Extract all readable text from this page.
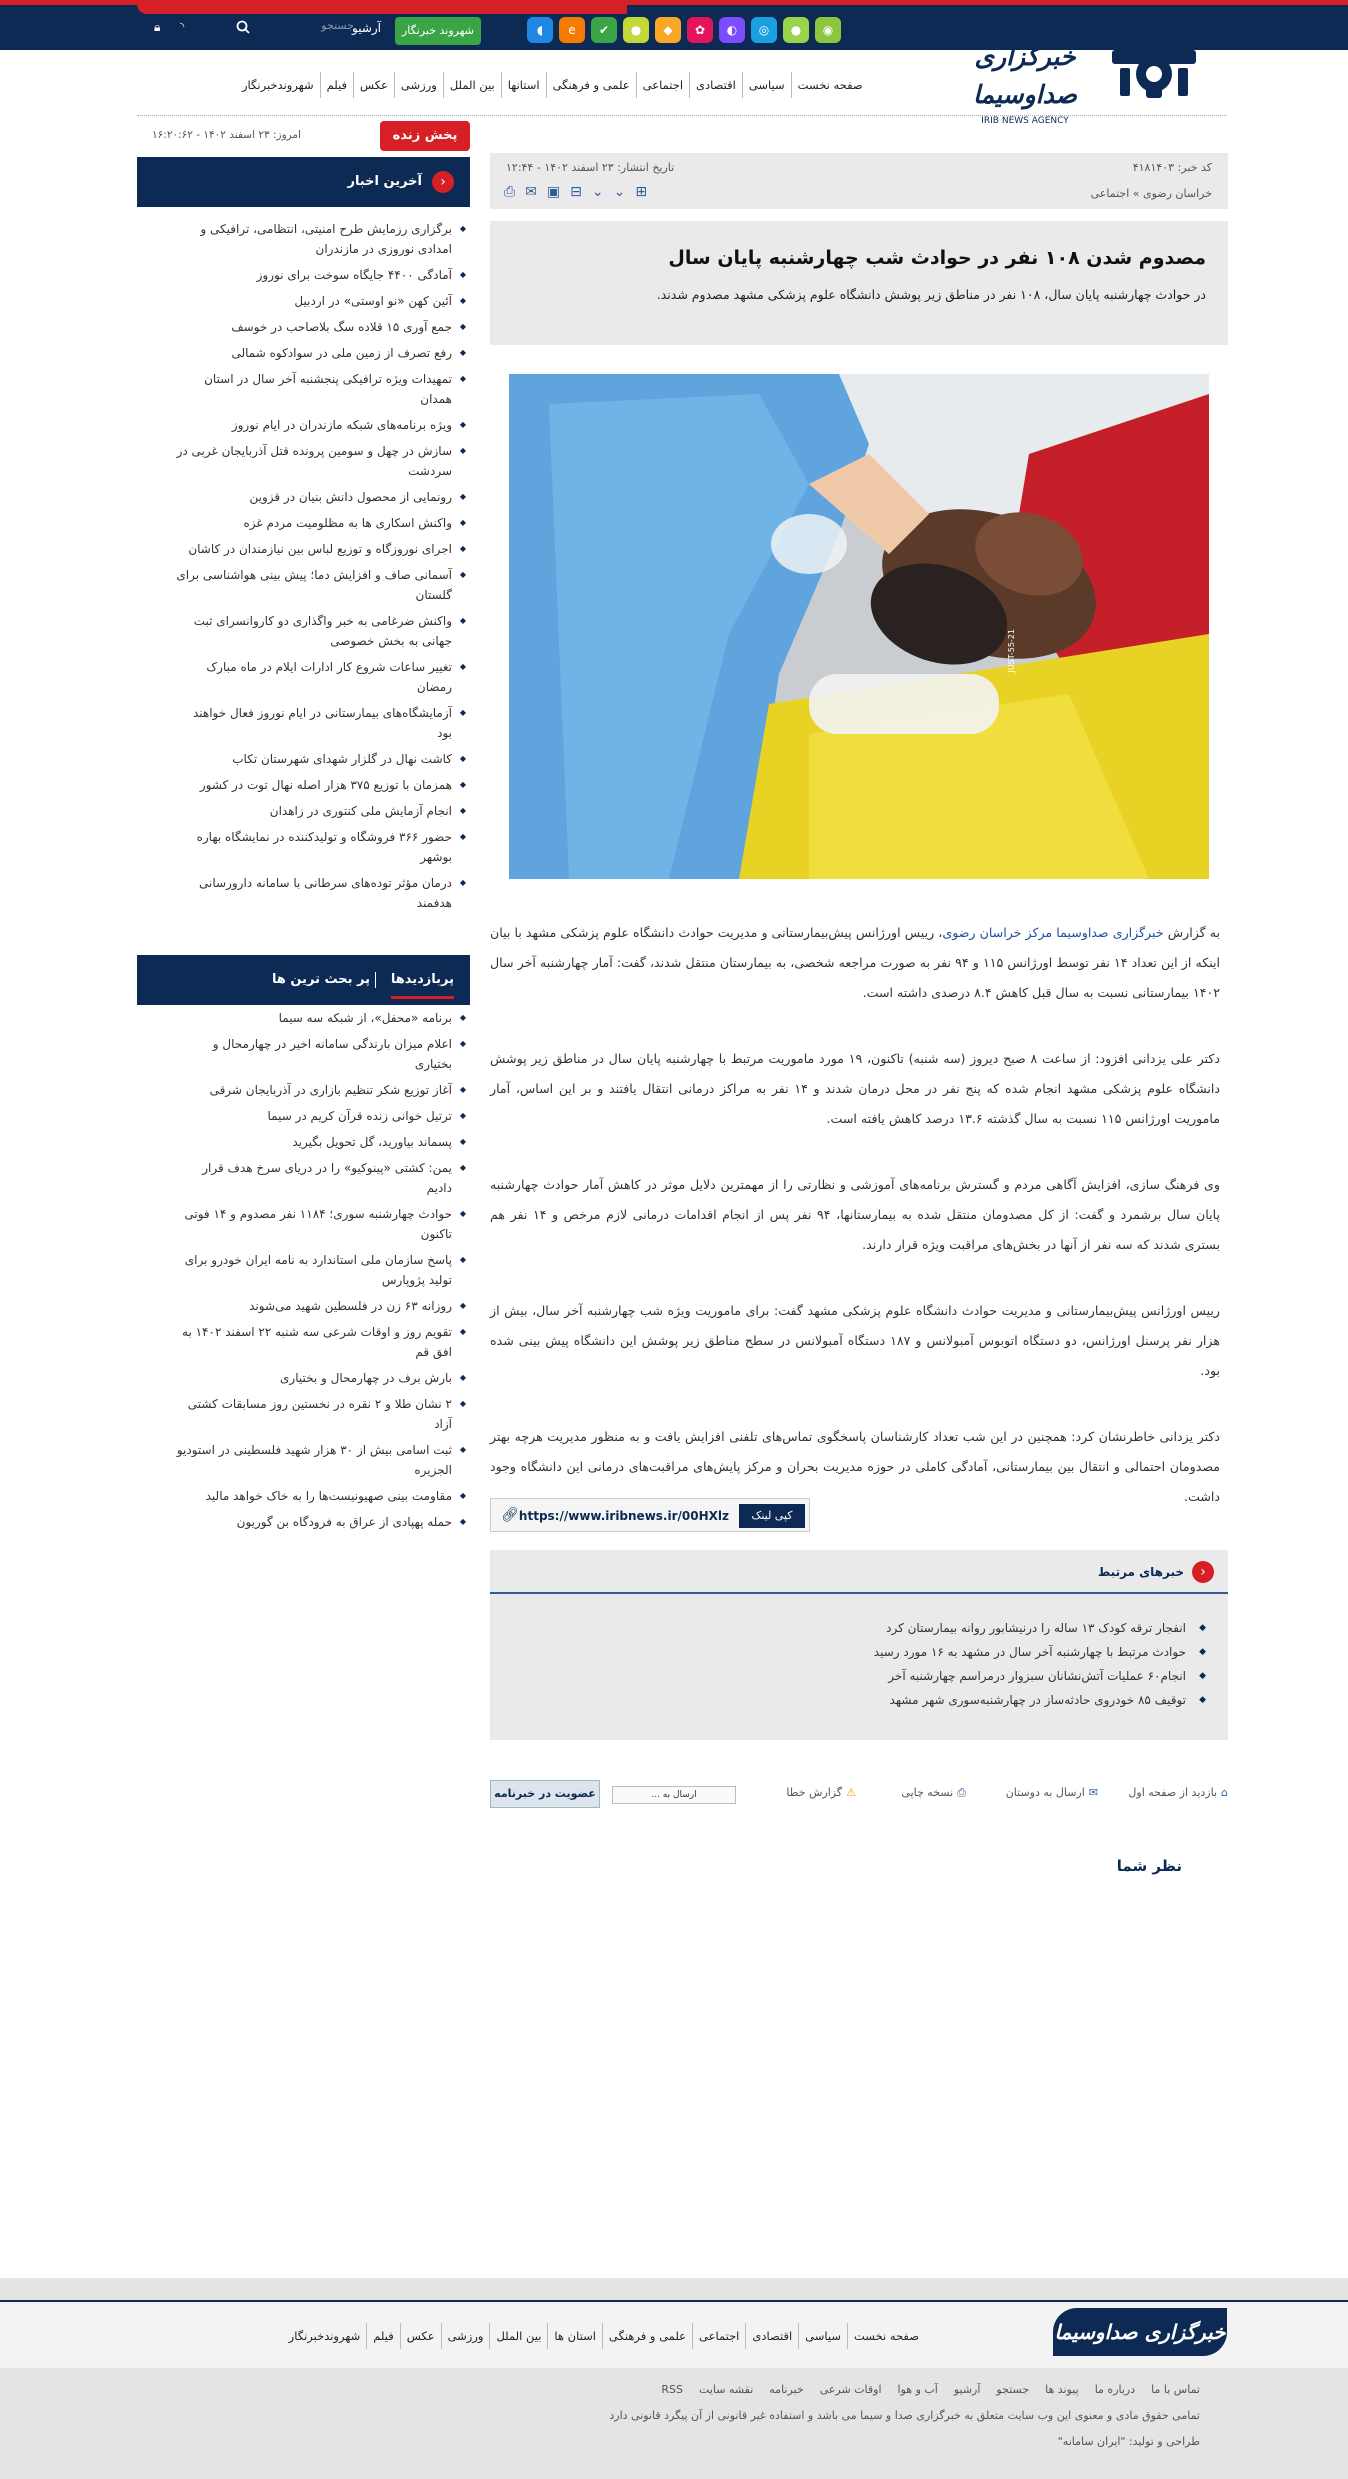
🔒︎ ◝	جستجو
آرشیو	شهروند خبرنگار	◉
●
◎
◐
✿
◆
●
✔
e
◖
خبرگزاری صداوسیما
IRIB NEWS AGENCY
صفحه نخست
سیاسی
اقتصادی
اجتماعی
علمی و فرهنگی
استانها
بین الملل
ورزشی
عکس
فیلم
شهروندخبرنگار
پخش زنده
امروز: ۲۳ اسفند ۱۴۰۲ - ۱۶:۲۰:۶۲
‹
آخرین اخبار
◆ برگزاری رزمایش طرح امنیتی، انتظامی، ترافیکی و امدادی نوروزی در مازندران
◆ آمادگی ۴۴۰۰ جایگاه سوخت برای نوروز
◆ آئین کهن «نو اوستی» در اردبیل
◆ جمع آوری ۱۵ قلاده سگ بلاصاحب در خوسف
◆ رفع تصرف از زمین ملی در سوادکوه شمالی
◆ تمهیدات ویژه ترافیکی پنجشنبه آخر سال در استان همدان
◆ ویژه برنامه‌های شبکه مازندران در ایام نوروز
◆ سازش در چهل و سومین پرونده قتل آذربایجان غربی در سردشت
◆ رونمایی از محصول دانش بنیان در قزوین
◆ واکنش اسکاری ها به مظلومیت مردم غزه
◆ اجرای نوروزگاه و توزیع لباس بین نیازمندان در کاشان
◆ آسمانی صاف و افزایش دما؛ پیش بینی هواشناسی برای گلستان
◆ واکنش ضرغامی به خبر واگذاری دو کاروانسرای ثبت جهانی به بخش خصوصی
◆ تغییر ساعات شروع کار ادارات ایلام در ماه مبارک رمضان
◆ آزمایشگاه‌های بیمارستانی در ایام نوروز فعال خواهند بود
◆ کاشت نهال در گلزار شهدای شهرستان تکاب
◆ همزمان با توزیع ۳۷۵ هزار اصله نهال توت در کشور
◆ انجام آزمایش ملی کنتوری در زاهدان
◆ حضور ۳۶۶ فروشگاه و تولیدکننده در نمایشگاه بهاره بوشهر
◆ درمان مؤثر توده‌های سرطانی با سامانه دارورسانی هدفمند
پربازدیدها
پر بحث ترین ها
◆ برنامه «محفل»، از شبکه سه سیما
◆ اعلام میزان بارندگی سامانه اخیر در چهارمحال و بختیاری
◆ آغاز توزیع شکر تنظیم بازاری در آذربایجان شرقی
◆ ترتیل خوانی زنده قرآن کریم در سیما
◆ پسماند بیاورید، گل تحویل بگیرید
◆ یمن: کشتی «پینوکیو» را در دریای سرخ هدف قرار دادیم
◆ حوادث چهارشنبه سوری؛ ۱۱۸۴ نفر مصدوم و ۱۴ فوتی تاکنون
◆ پاسخ سازمان ملی استاندارد به نامه ایران خودرو برای تولید پژوپارس
◆ روزانه ۶۳ زن در فلسطین شهید می‌شوند
◆ تقویم روز و اوقات شرعی سه شنبه ۲۲ اسفند ۱۴۰۲ به افق قم
◆ بارش برف در چهارمحال و بختیاری
◆ ۲ نشان طلا و ۲ نقره در نخستین روز مسابقات کشتی آزاد
◆ ثبت اسامی بیش از ۳۰ هزار شهید فلسطینی در استودیو الجزیره
◆ مقاومت بینی صهیونیست‌ها را به خاک خواهد مالید
◆ حمله پهپادی از عراق به فرودگاه بن گوریون
کد خبر: ۴۱۸۱۴۰۳
تاریخ انتشار: ۲۳ اسفند ۱۴۰۲ - ۱۲:۴۴
خراسان رضوی » اجتماعی
⎙ ✉ ▣ ⊟ ⌄ ⌄ ⊞
مصدوم شدن ۱۰۸ نفر در حوادث شب چهارشنبه پایان سال

در حوادث چهارشنبه پایان سال، ۱۰۸ نفر در مناطق زیر پوشش دانشگاه علوم پزشکی مشهد مصدوم شدند.

JUST-55-21

به گزارش خبرگزاری صداوسیما مرکز خراسان رضوی، رییس اورژانس پیش‌بیمارستانی و مدیریت حوادث دانشگاه علوم پزشکی مشهد با بیان اینکه از این تعداد ۱۴ نفر توسط اورژانس ۱۱۵ و ۹۴ نفر به صورت مراجعه شخصی، به بیمارستان منتقل شدند، گفت: آمار چهارشنبه آخر سال ۱۴۰۲ بیمارستانی نسبت به سال قبل کاهش ۸.۴ درصدی داشته است.

دکتر علی یزدانی افزود: از ساعت ۸ صبح دیروز (سه شنبه) تاکنون، ۱۹ مورد ماموریت مرتبط با چهارشنبه پایان سال در مناطق زیر پوشش دانشگاه علوم پزشکی مشهد انجام شده که پنج نفر در محل درمان شدند و ۱۴ نفر به مراکز درمانی انتقال یافتند و بر این اساس، آمار ماموریت اورژانس ۱۱۵ نسبت به سال گذشته ۱۳.۶ درصد کاهش یافته است.

وی فرهنگ سازی، افزایش آگاهی مردم و گسترش برنامه‌های آموزشی و نظارتی را از مهمترین دلایل موثر در کاهش آمار حوادث چهارشنبه پایان سال برشمرد و گفت: از کل مصدومان منتقل شده به بیمارستانها، ۹۴ نفر پس از انجام اقدامات درمانی لازم مرخص و ۱۴ نفر هم بستری شدند که سه نفر از آنها در بخش‌های مراقبت ویژه قرار دارند.

رییس اورژانس پیش‌بیمارستانی و مدیریت حوادث دانشگاه علوم پزشکی مشهد گفت: برای ماموریت ویژه شب چهارشنبه آخر سال، بیش از هزار نفر پرسنل اورژانس، دو دستگاه اتوبوس آمبولانس و ۱۸۷ دستگاه آمبولانس در سطح مناطق زیر پوشش این دانشگاه پیش بینی شده بود.

دکتر یزدانی خاطرنشان کرد: همچنین در این شب تعداد کارشناسان پاسخگوی تماس‌های تلفنی افزایش یافت و به منظور مدیریت هرچه بهتر مصدومان احتمالی و انتقال بین بیمارستانی، آمادگی کاملی در حوزه مدیریت بحران و مرکز پایش‌های مراقبت‌های درمانی این دانشگاه وجود داشت.

کپی لینک
https://www.iribnews.ir/00HXlz
🔗︎
‹
خبرهای مرتبط
◆ انفجار ترقه کودک ۱۳ ساله را درنیشابور روانه بیمارستان کرد
◆ حوادث مرتبط با چهارشنبه آخر سال در مشهد به ۱۶ مورد رسید
◆ انجام۶۰ عملیات آتش‌نشانان سبزوار درمراسم چهارشنبه آخر
◆ توقیف ۸۵ خودروی حادثه‌ساز در چهارشنبه‌سوری شهر مشهد
⌂بازدید از صفحه اول
✉ارسال به دوستان
⎙نسخه چاپی
⚠گزارش خطا
ارسال به ...
عضویت در خبرنامه
نظر شما
خبرگزاری صداوسیما
صفحه نخست
سیاسی
اقتصادی
اجتماعی
علمی و فرهنگی
استان ها
بین الملل
ورزشی
عکس
فیلم
شهروندخبرنگار
تماس با ما
درباره ما
پیوند ها
جستجو
آرشیو
آب و هوا
اوقات شرعی
خبرنامه
نقشه سایت
RSS
تمامی حقوق مادی و معنوی این وب سایت متعلق به خبرگزاری صدا و سیما می باشد و استفاده غیر قانونی از آن پیگرد قانونی دارد
طراحی و تولید: "ایران سامانه"
